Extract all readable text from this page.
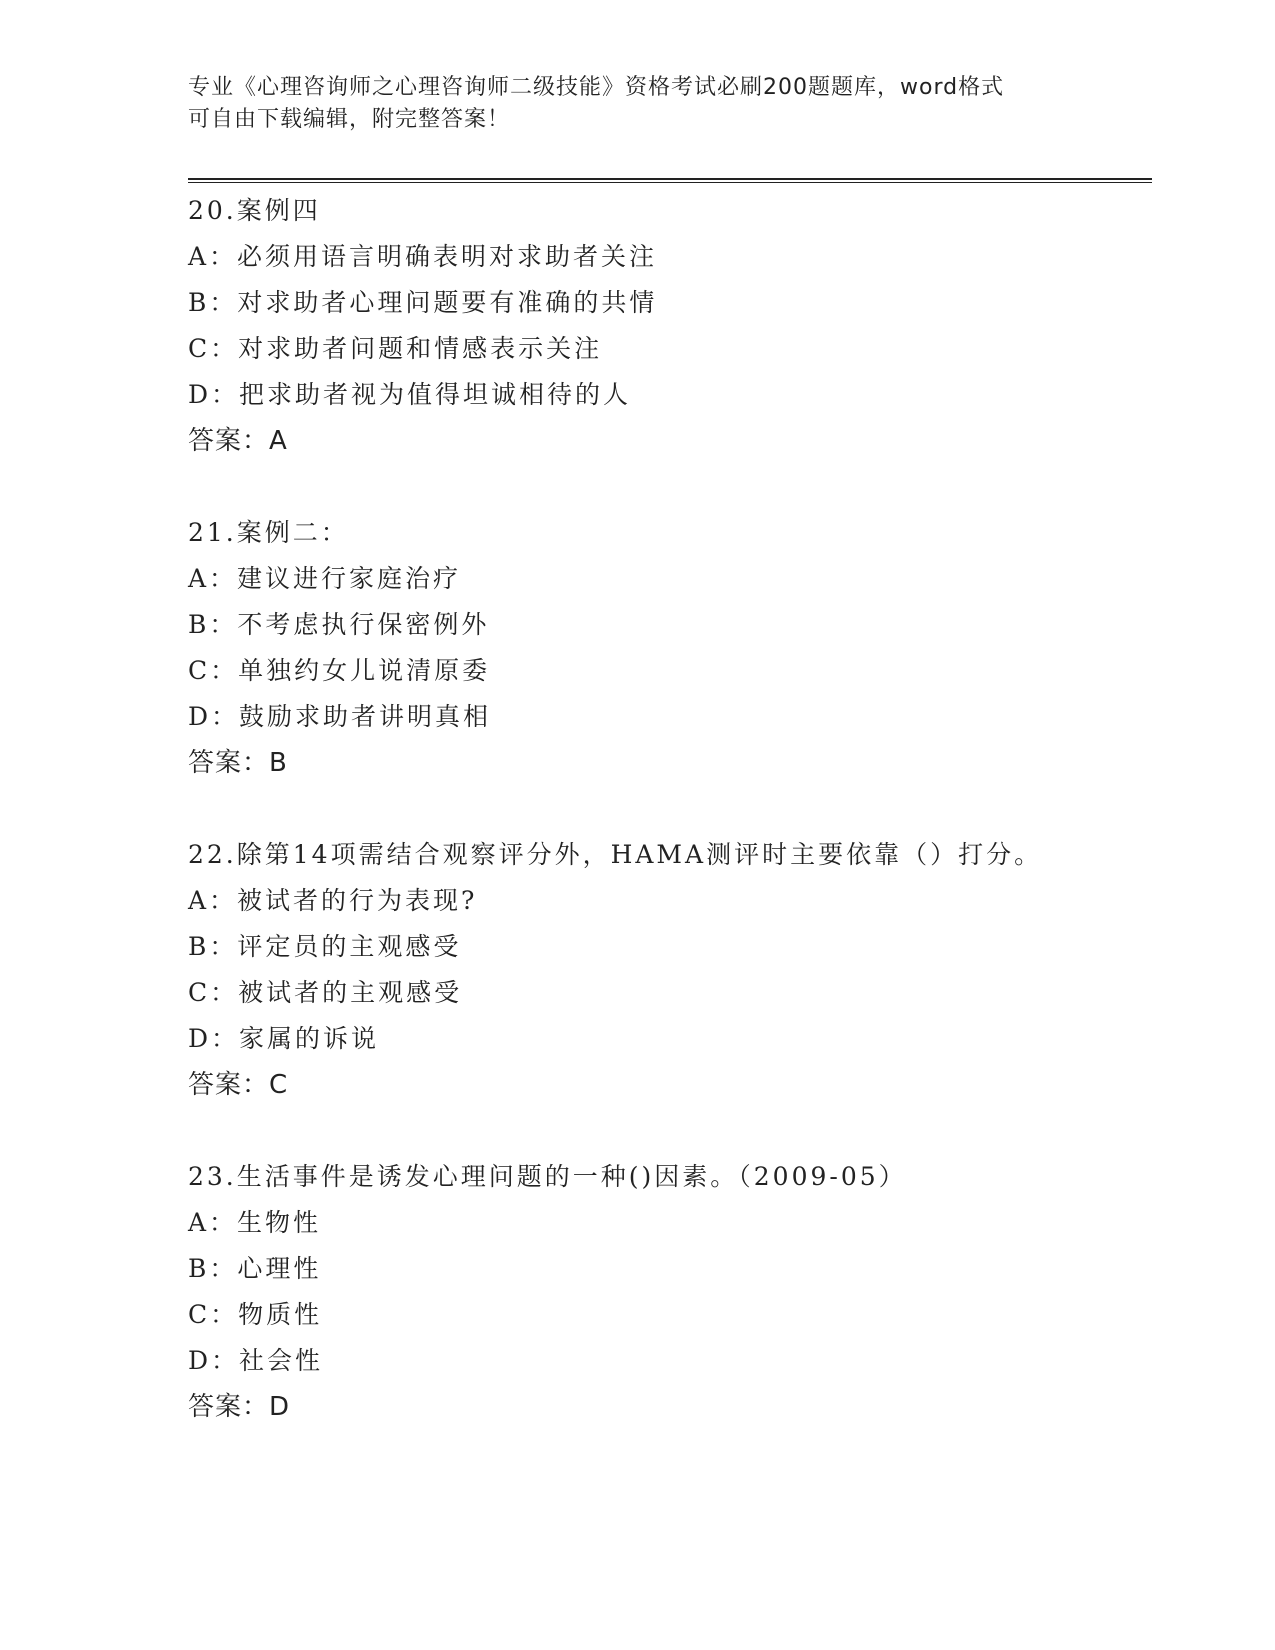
专业《心理咨询师之心理咨询师二级技能》资格考试必刷200题题库，word格式
可自由下载编辑，附完整答案！
20.案例四
A：必须用语言明确表明对求助者关注
B：对求助者心理问题要有准确的共情
C：对求助者问题和情感表示关注
D：把求助者视为值得坦诚相待的人
答案：A
21.案例二：
A：建议进行家庭治疗
B：不考虑执行保密例外
C：单独约女儿说清原委
D：鼓励求助者讲明真相
答案：B
22.除第14项需结合观察评分外，HAMA测评时主要依靠（）打分。
A：被试者的行为表现?
B：评定员的主观感受
C：被试者的主观感受
D：家属的诉说
答案：C
23.生活事件是诱发心理问题的一种()因素。（2009-05）
A：生物性
B：心理性
C：物质性
D：社会性
答案：D
